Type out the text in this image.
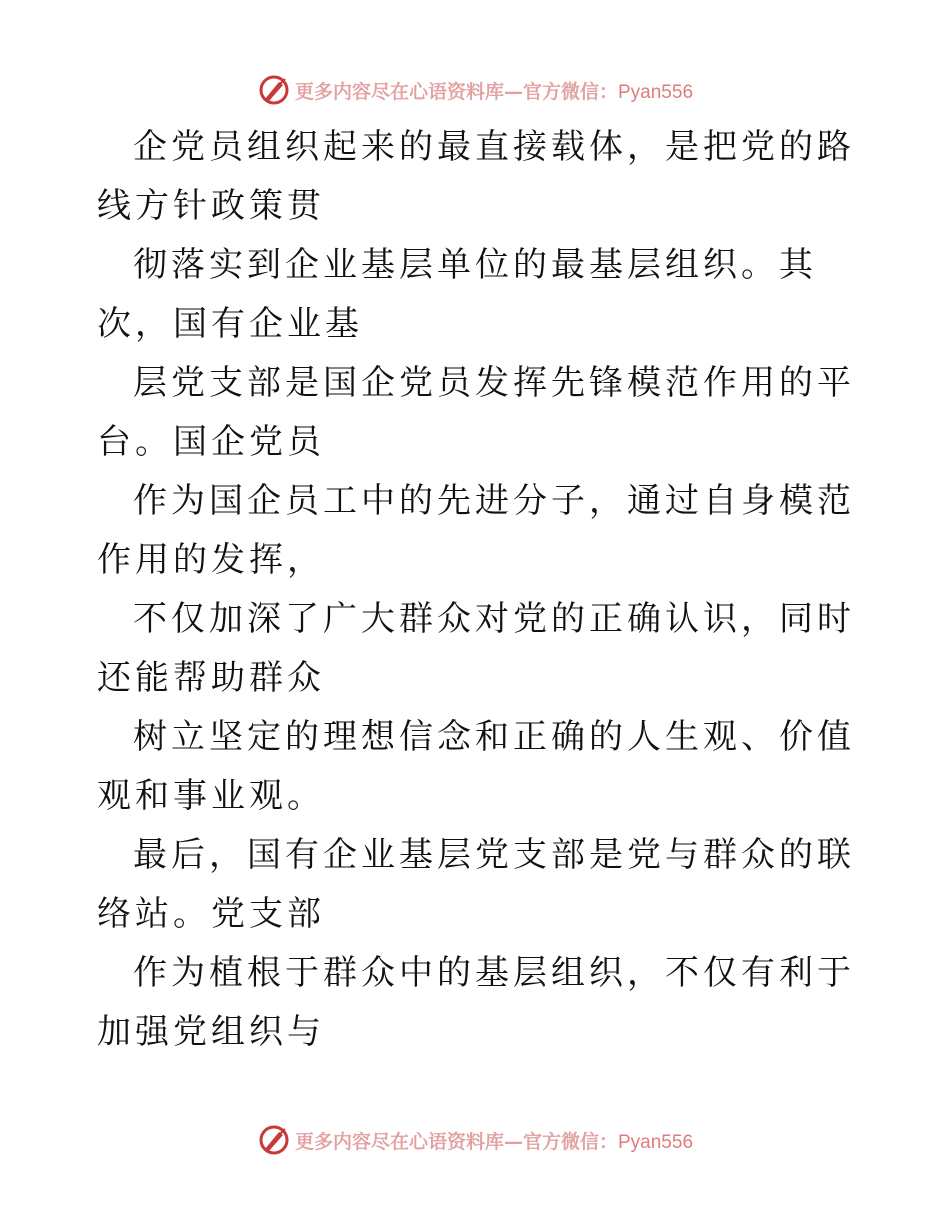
更多内容尽在心语资料库—官方微信：Pyan556

企党员组织起来的最直接载体，是把党的路线方针政策贯

彻落实到企业基层单位的最基层组织。其次，国有企业基

层党支部是国企党员发挥先锋模范作用的平台。国企党员

作为国企员工中的先进分子，通过自身模范作用的发挥，

不仅加深了广大群众对党的正确认识，同时还能帮助群众

树立坚定的理想信念和正确的人生观、价值观和事业观。

最后，国有企业基层党支部是党与群众的联络站。党支部

作为植根于群众中的基层组织，不仅有利于加强党组织与

更多内容尽在心语资料库—官方微信：Pyan556
